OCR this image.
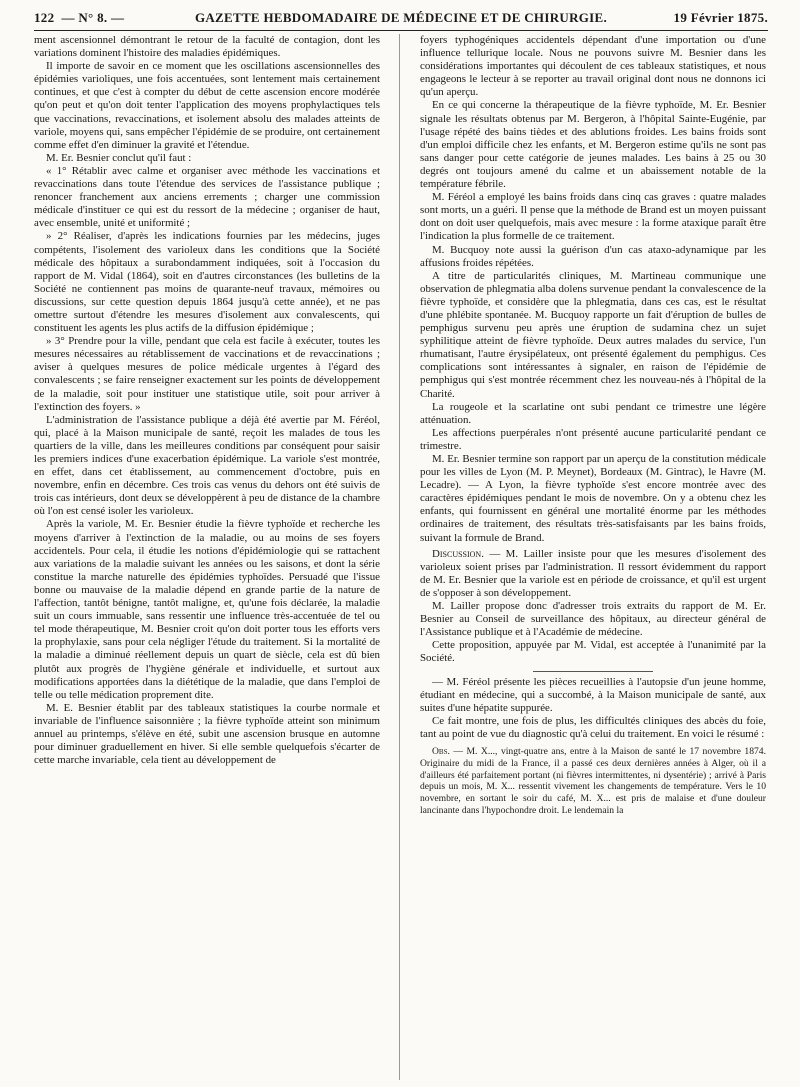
122 — N° 8. —	GAZETTE HEBDOMADAIRE DE MÉDECINE ET DE CHIRURGIE.	19 Février 1875.

ment ascensionnel démontrant le retour de la faculté de contagion, dont les variations dominent l'histoire des maladies épidémiques.

Il importe de savoir en ce moment que les oscillations ascensionnelles des épidémies varioliques, une fois accentuées, sont lentement mais certainement continues, et que c'est à compter du début de cette ascension encore modérée qu'on peut et qu'on doit tenter l'application des moyens prophylactiques tels que vaccinations, revaccinations, et isolement absolu des malades atteints de variole, moyens qui, sans empêcher l'épidémie de se produire, ont certainement comme effet d'en diminuer la gravité et l'étendue.

M. Er. Besnier conclut qu'il faut :

« 1° Rétablir avec calme et organiser avec méthode les vaccinations et revaccinations dans toute l'étendue des services de l'assistance publique ; renoncer franchement aux anciens errements ; charger une commission médicale d'instituer ce qui est du ressort de la médecine ; organiser de haut, avec ensemble, unité et uniformité ;

» 2° Réaliser, d'après les indications fournies par les médecins, juges compétents, l'isolement des varioleux dans les conditions que la Société médicale des hôpitaux a surabondamment indiquées, soit à l'occasion du rapport de M. Vidal (1864), soit en d'autres circonstances (les bulletins de la Société ne contiennent pas moins de quarante-neuf travaux, mémoires ou discussions, sur cette question depuis 1864 jusqu'à cette année), et ne pas omettre surtout d'étendre les mesures d'isolement aux convalescents, qui constituent les agents les plus actifs de la diffusion épidémique ;

» 3° Prendre pour la ville, pendant que cela est facile à exécuter, toutes les mesures nécessaires au rétablissement de vaccinations et de revaccinations ; aviser à quelques mesures de police médicale urgentes à l'égard des convalescents ; se faire renseigner exactement sur les points de développement de la maladie, soit pour instituer une statistique utile, soit pour arriver à l'extinction des foyers. »

L'administration de l'assistance publique a déjà été avertie par M. Féréol, qui, placé à la Maison municipale de santé, reçoit les malades de tous les quartiers de la ville, dans les meilleures conditions par conséquent pour saisir les premiers indices d'une exacerbation épidémique. La variole s'est montrée, en effet, dans cet établissement, au commencement d'octobre, puis en novembre, enfin en décembre. Ces trois cas venus du dehors ont été suivis de trois cas intérieurs, dont deux se développèrent à peu de distance de la chambre où l'on est censé isoler les varioleux.

Après la variole, M. Er. Besnier étudie la fièvre typhoïde et recherche les moyens d'arriver à l'extinction de la maladie, ou au moins de ses foyers accidentels. Pour cela, il étudie les notions d'épidémiologie qui se rattachent aux variations de la maladie suivant les années ou les saisons, et dont la série constitue la marche naturelle des épidémies typhoïdes. Persuadé que l'issue bonne ou mauvaise de la maladie dépend en grande partie de la nature de l'affection, tantôt bénigne, tantôt maligne, et, qu'une fois déclarée, la maladie suit un cours immuable, sans ressentir une influence très-accentuée de tel ou tel mode thérapeutique, M. Besnier croit qu'on doit porter tous les efforts vers la prophylaxie, sans pour cela négliger l'étude du traitement. Si la mortalité de la maladie a diminué réellement depuis un quart de siècle, cela est dû bien plutôt aux progrès de l'hygiène générale et individuelle, et surtout aux modifications apportées dans la diététique de la maladie, que dans l'emploi de telle ou telle médication proprement dite.

M. E. Besnier établit par des tableaux statistiques la courbe normale et invariable de l'influence saisonnière ; la fièvre typhoïde atteint son minimum annuel au printemps, s'élève en été, subit une ascension brusque en automne pour diminuer graduellement en hiver. Si elle semble quelquefois s'écarter de cette marche invariable, cela tient au développement de

foyers typhogéniques accidentels dépendant d'une importation ou d'une influence tellurique locale. Nous ne pouvons suivre M. Besnier dans les considérations importantes qui découlent de ces tableaux statistiques, et nous engageons le lecteur à se reporter au travail original dont nous ne donnons ici qu'un aperçu.

En ce qui concerne la thérapeutique de la fièvre typhoïde, M. Er. Besnier signale les résultats obtenus par M. Bergeron, à l'hôpital Sainte-Eugénie, par l'usage répété des bains tièdes et des ablutions froides. Les bains froids sont d'un emploi difficile chez les enfants, et M. Bergeron estime qu'ils ne sont pas sans danger pour cette catégorie de jeunes malades. Les bains à 25 ou 30 degrés ont toujours amené du calme et un abaissement notable de la température fébrile.

M. Féréol a employé les bains froids dans cinq cas graves : quatre malades sont morts, un a guéri. Il pense que la méthode de Brand est un moyen puissant dont on doit user quelquefois, mais avec mesure : la forme ataxique paraît être l'indication la plus formelle de ce traitement.

M. Bucquoy note aussi la guérison d'un cas ataxo-adynamique par les affusions froides répétées.

A titre de particularités cliniques, M. Martineau communique une observation de phlegmatia alba dolens survenue pendant la convalescence de la fièvre typhoïde, et considère que la phlegmatia, dans ces cas, est le résultat d'une phlébite spontanée. M. Bucquoy rapporte un fait d'éruption de bulles de pemphigus survenu peu après une éruption de sudamina chez un sujet syphilitique atteint de fièvre typhoïde. Deux autres malades du service, l'un rhumatisant, l'autre érysipélateux, ont présenté également du pemphigus. Ces complications sont intéressantes à signaler, en raison de l'épidémie de pemphigus qui s'est montrée récemment chez les nouveau-nés à l'hôpital de la Charité.

La rougeole et la scarlatine ont subi pendant ce trimestre une légère atténuation.

Les affections puerpérales n'ont présenté aucune particularité pendant ce trimestre.

M. Er. Besnier termine son rapport par un aperçu de la constitution médicale pour les villes de Lyon (M. P. Meynet), Bordeaux (M. Gintrac), le Havre (M. Lecadre). — A Lyon, la fièvre typhoïde s'est encore montrée avec des caractères épidémiques pendant le mois de novembre. On y a obtenu chez les enfants, qui fournissent en général une mortalité énorme par les méthodes ordinaires de traitement, des résultats très-satisfaisants par les bains froids, suivant la formule de Brand.

Discussion. — M. Lailler insiste pour que les mesures d'isolement des varioleux soient prises par l'administration. Il ressort évidemment du rapport de M. Er. Besnier que la variole est en période de croissance, et qu'il est urgent de s'opposer à son développement.

M. Lailler propose donc d'adresser trois extraits du rapport de M. Er. Besnier au Conseil de surveillance des hôpitaux, au directeur général de l'Assistance publique et à l'Académie de médecine.

Cette proposition, appuyée par M. Vidal, est acceptée à l'unanimité par la Société.

— M. Féréol présente les pièces recueillies à l'autopsie d'un jeune homme, étudiant en médecine, qui a succombé, à la Maison municipale de santé, aux suites d'une hépatite suppurée.

Ce fait montre, une fois de plus, les difficultés cliniques des abcès du foie, tant au point de vue du diagnostic qu'à celui du traitement. En voici le résumé :

Obs. — M. X..., vingt-quatre ans, entre à la Maison de santé le 17 novembre 1874. Originaire du midi de la France, il a passé ces deux dernières années à Alger, où il a d'ailleurs été parfaitement portant (ni fièvres intermittentes, ni dysentérie) ; arrivé à Paris depuis un mois, M. X... ressentit vivement les changements de température. Vers le 10 novembre, en sortant le soir du café, M. X... est pris de malaise et d'une douleur lancinante dans l'hypochondre droit. Le lendemain la
